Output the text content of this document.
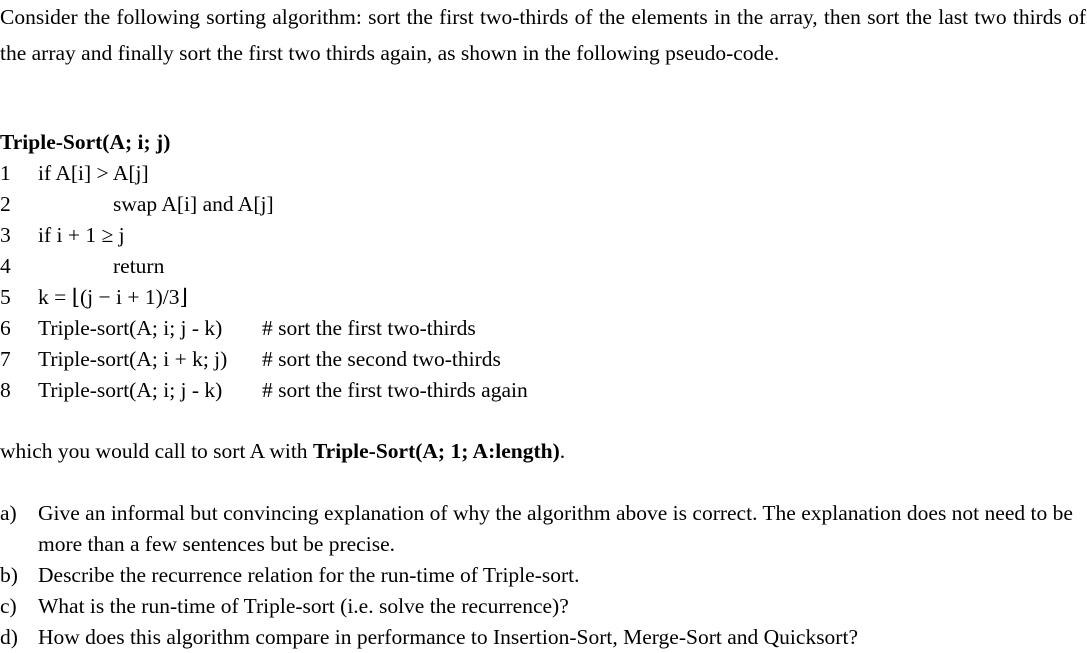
Consider the following sorting algorithm: sort the first two-thirds of the elements in the array, then sort the last two thirds of the array and finally sort the first two thirds again, as shown in the following pseudo-code.

Triple-Sort(A; i; j)

1	if A[i] > A[j]
2	swap A[i] and A[j]
3	if i + 1 ≥ j
4	return
5	k = ⌊(j − i + 1)/3⌋
6	Triple-sort(A; i; j - k) # sort the first two-thirds
7	Triple-sort(A; i + k; j) # sort the second two-thirds
8	Triple-sort(A; i; j - k) # sort the first two-thirds again

which you would call to sort A with Triple-Sort(A; 1; A:length).

a) Give an informal but convincing explanation of why the algorithm above is correct. The explanation does not need to be more than a few sentences but be precise.
b) Describe the recurrence relation for the run-time of Triple-sort.
c) What is the run-time of Triple-sort (i.e. solve the recurrence)?
d) How does this algorithm compare in performance to Insertion-Sort, Merge-Sort and Quicksort?
